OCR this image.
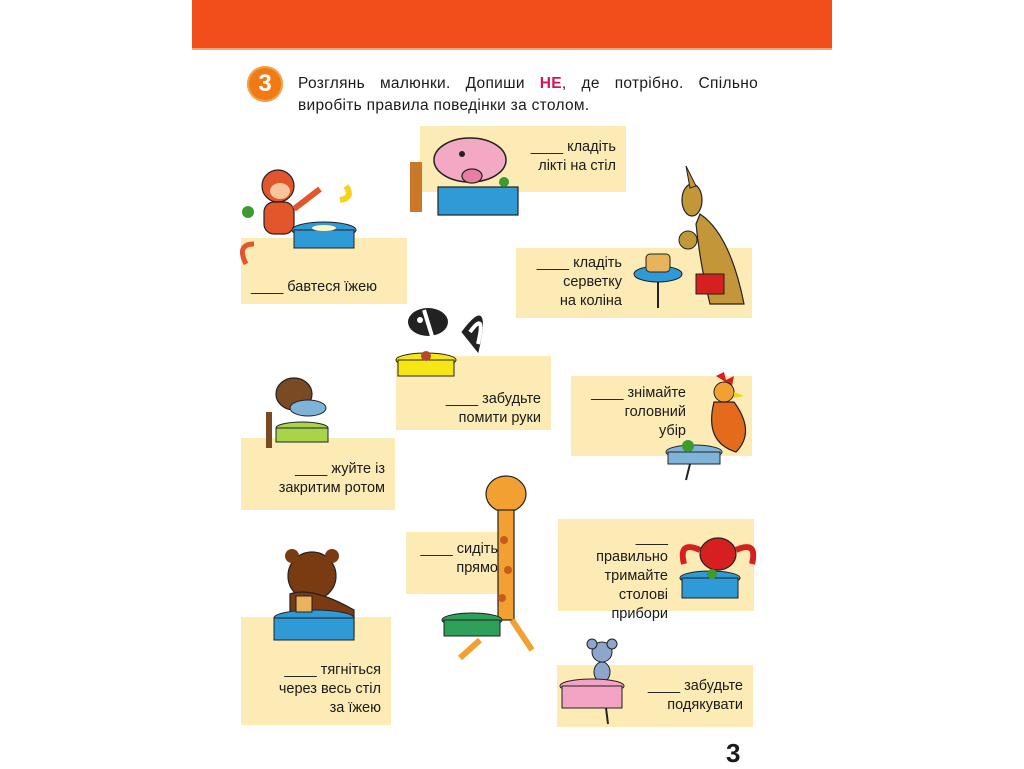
3	Розглянь малюнки. Допиши НЕ, де потрібно. Спільно виробіть правила поведінки за столом.
____ кладіть
лікті на стіл
____ бавтеся їжею
____ кладіть
серветку
на коліна
____ забудьте
помити руки
____ знімайте
головний
убір
____ жуйте із
закритим ротом
____ сидіть
прямо
____ правильно
тримайте
столові
прибори
____ тягніться
через весь стіл
за їжею
____ забудьте
подякувати
3
